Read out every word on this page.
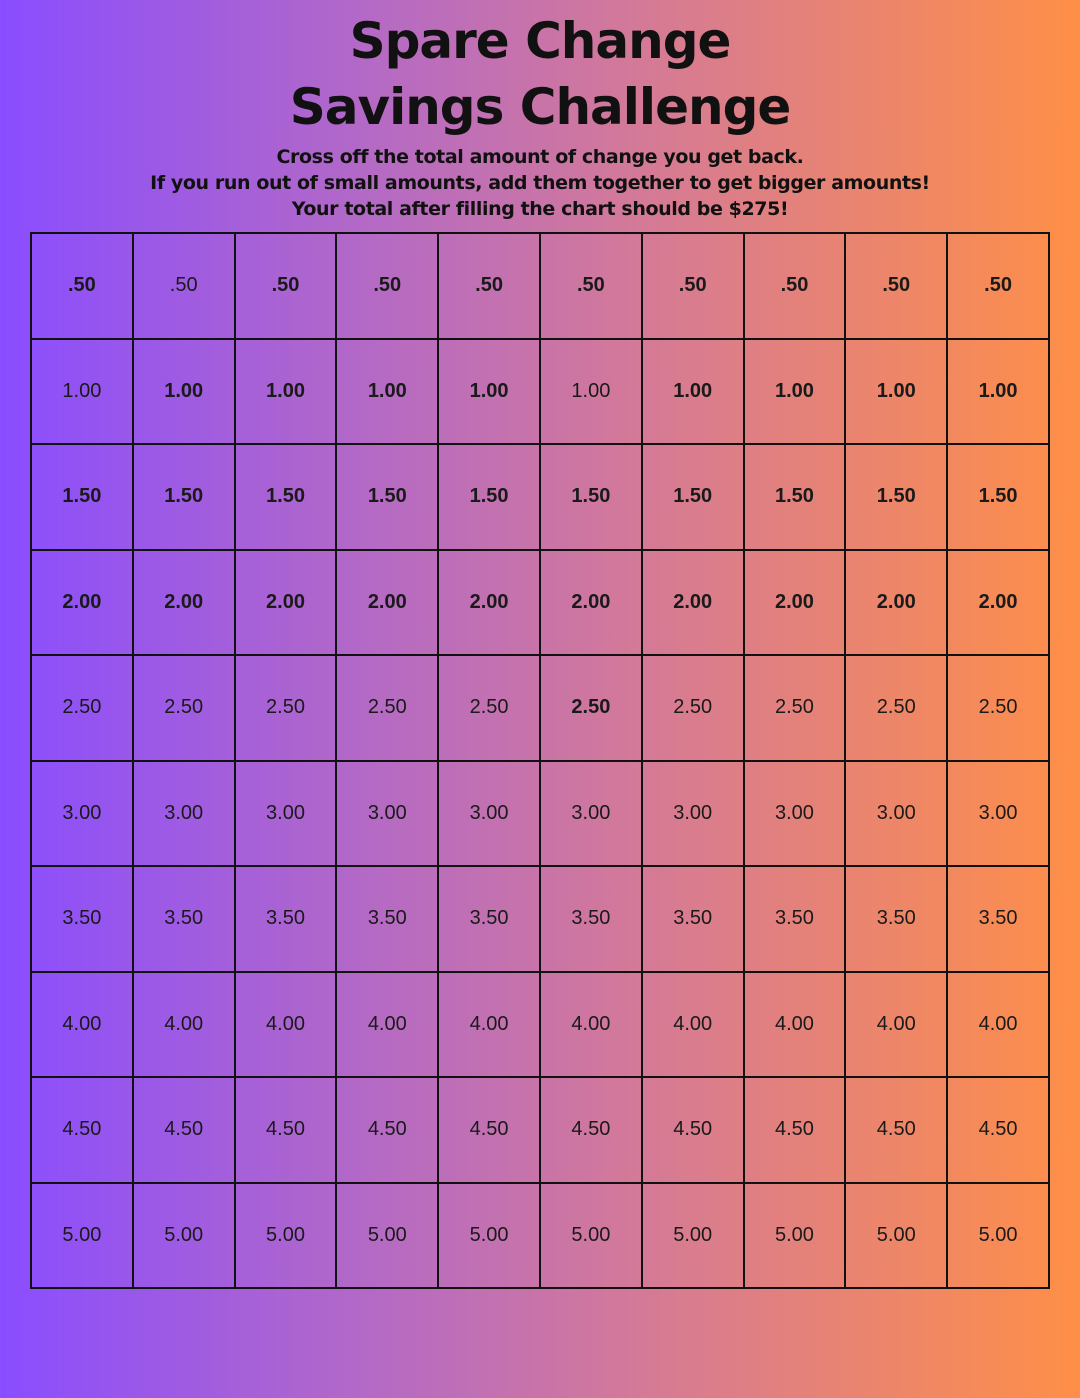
Spare Change
Savings Challenge
Cross off the total amount of change you get back.
If you run out of small amounts, add them together to get bigger amounts!
Your total after filling the chart should be $275!
.50	.50	.50	.50	.50	.50	.50	.50	.50	.50
1.00	1.00	1.00	1.00	1.00	1.00	1.00	1.00	1.00	1.00
1.50	1.50	1.50	1.50	1.50	1.50	1.50	1.50	1.50	1.50
2.00	2.00	2.00	2.00	2.00	2.00	2.00	2.00	2.00	2.00
2.50	2.50	2.50	2.50	2.50	2.50	2.50	2.50	2.50	2.50
3.00	3.00	3.00	3.00	3.00	3.00	3.00	3.00	3.00	3.00
3.50	3.50	3.50	3.50	3.50	3.50	3.50	3.50	3.50	3.50
4.00	4.00	4.00	4.00	4.00	4.00	4.00	4.00	4.00	4.00
4.50	4.50	4.50	4.50	4.50	4.50	4.50	4.50	4.50	4.50
5.00	5.00	5.00	5.00	5.00	5.00	5.00	5.00	5.00	5.00
